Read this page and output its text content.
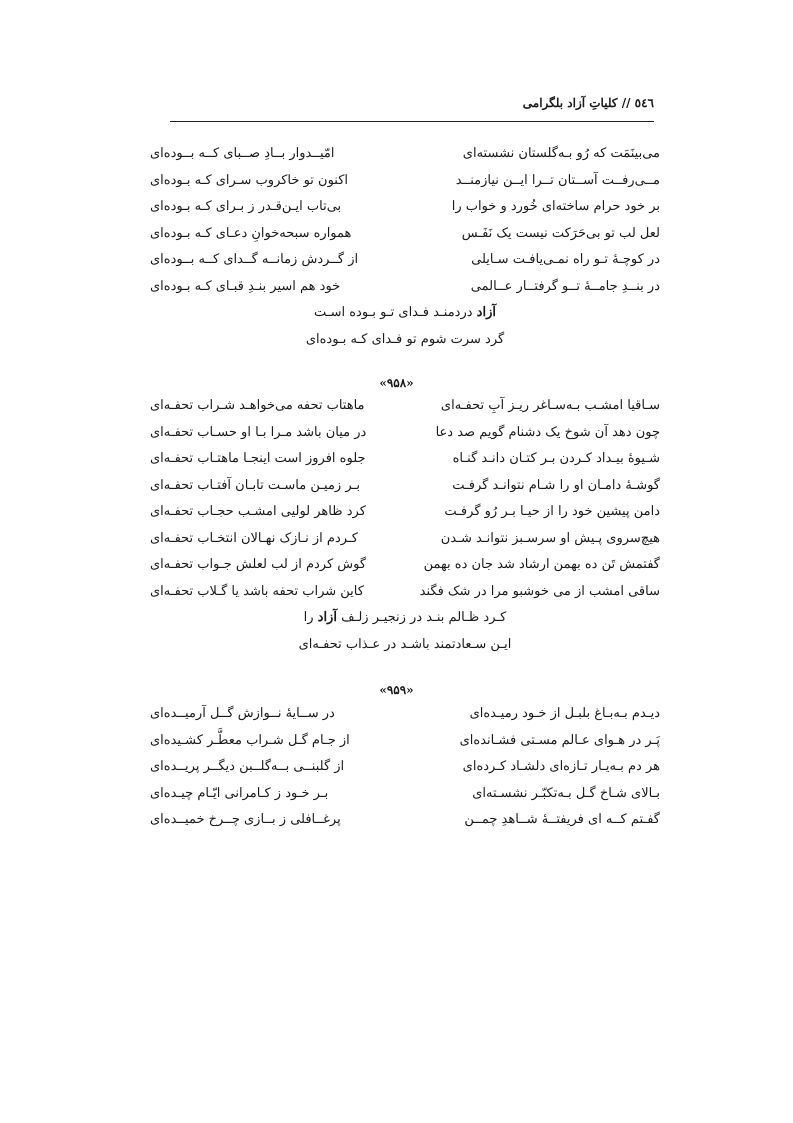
٥٤٦ // کلیاتِ آزاد بلگرامی
می‌بینَمَت که رُو بـه‌گلستان نشسته‌ای
امّیــدوار بــادِ صــبای کــه بــوده‌ای
مــی‌رفــت آســتان تــرا ایــن نیازمنــد
اکنون تو خاکروب سـرای کـه بـوده‌ای
بر خود حرام ساخته‌ای خُورد و خواب را
بی‌تاب ایـن‌قـدر ز بـرای کـه بـوده‌ای
لعل لب تو بی‌حَرَکت نیست یک نَفَـس
همواره سبحه‌خوانِ دعـای کـه بـوده‌ای
در کوچـهٔ تـو راه نمـی‌یافـت سـایلی
از گــردش زمانــه گــدای کــه بــوده‌ای
در بنــدِ جامــهٔ تــو گرفتــار عــالمی
خود هم اسیر بنـدِ قبـای کـه بـوده‌ای
آزاد دردمنـد فـدای تـو بـوده اسـت
گرد سرت شوم تو فـدای کـه بـوده‌ای
«۹۵۸»
سـاقیا امشـب بـه‌سـاغر ریـز آبِ تحفـه‌ای
ماهتاب تحفه می‌خواهـد شـراب تحفـه‌ای
چون دهد آن شوخ یک دشنام گویم صد دعا
در میان باشد مـرا بـا او حسـاب تحفـه‌ای
شـیوهٔ بیـداد کـردن بـر کتـان دانـد گنـاه
جلوه افروز است اینجـا ماهتـاب تحفـه‌ای
گوشـهٔ دامـان او را شـام نتوانـد گرفـت
بـر زمیـن ماسـت تابـان آفتـاب تحفـه‌ای
دامن پیشین خود را از حیـا بـر رُو گرفـت
کرد ظاهر لولیی امشـب حجـاب تحفـه‌ای
هیچ‌سروی پـیش او سرسـبز نتوانـد شـدن
کـردم از نـازک نهـالان انتخـاب تحفـه‌ای
گفتمش تَن ده بهمن ارشاد شد جان ده بهمن
گوش کردم از لب لعلش جـواب تحفـه‌ای
ساقی امشب از می خوشبو مرا در شک فگند
کاین شراب تحفه باشد یا گـلاب تحفـه‌ای
کـرد ظـالم بنـد در زنجیـر زلـف آزاد را
ایـن سـعادتمند باشـد در عـذاب تحفـه‌ای
«۹۵۹»
دیـدم بـه‌بـاغ بلبـل از خـود رمیـده‌ای
در ســایهٔ نــوازش گــل آرمیــده‌ای
پَـر در هـوای عـالم مسـتی فشـانده‌ای
از جـام گـل شـراب معطَّـر کشـیده‌ای
هر دم بـه‌یـار تـازه‌ای دلشـاد کـرده‌ای
از گلبنــی بــه‌گلــبن دیگــر پریــده‌ای
بـالای شـاخ گـل بـه‌تکبّـر نشسـته‌ای
بـر خـود ز کـامرانی ایّـام چیـده‌ای
گفـتم کــه ای فریفتــهٔ شــاهدِ چمــن
پرغــافلی ز بــازی چــرخ خمیــده‌ای
